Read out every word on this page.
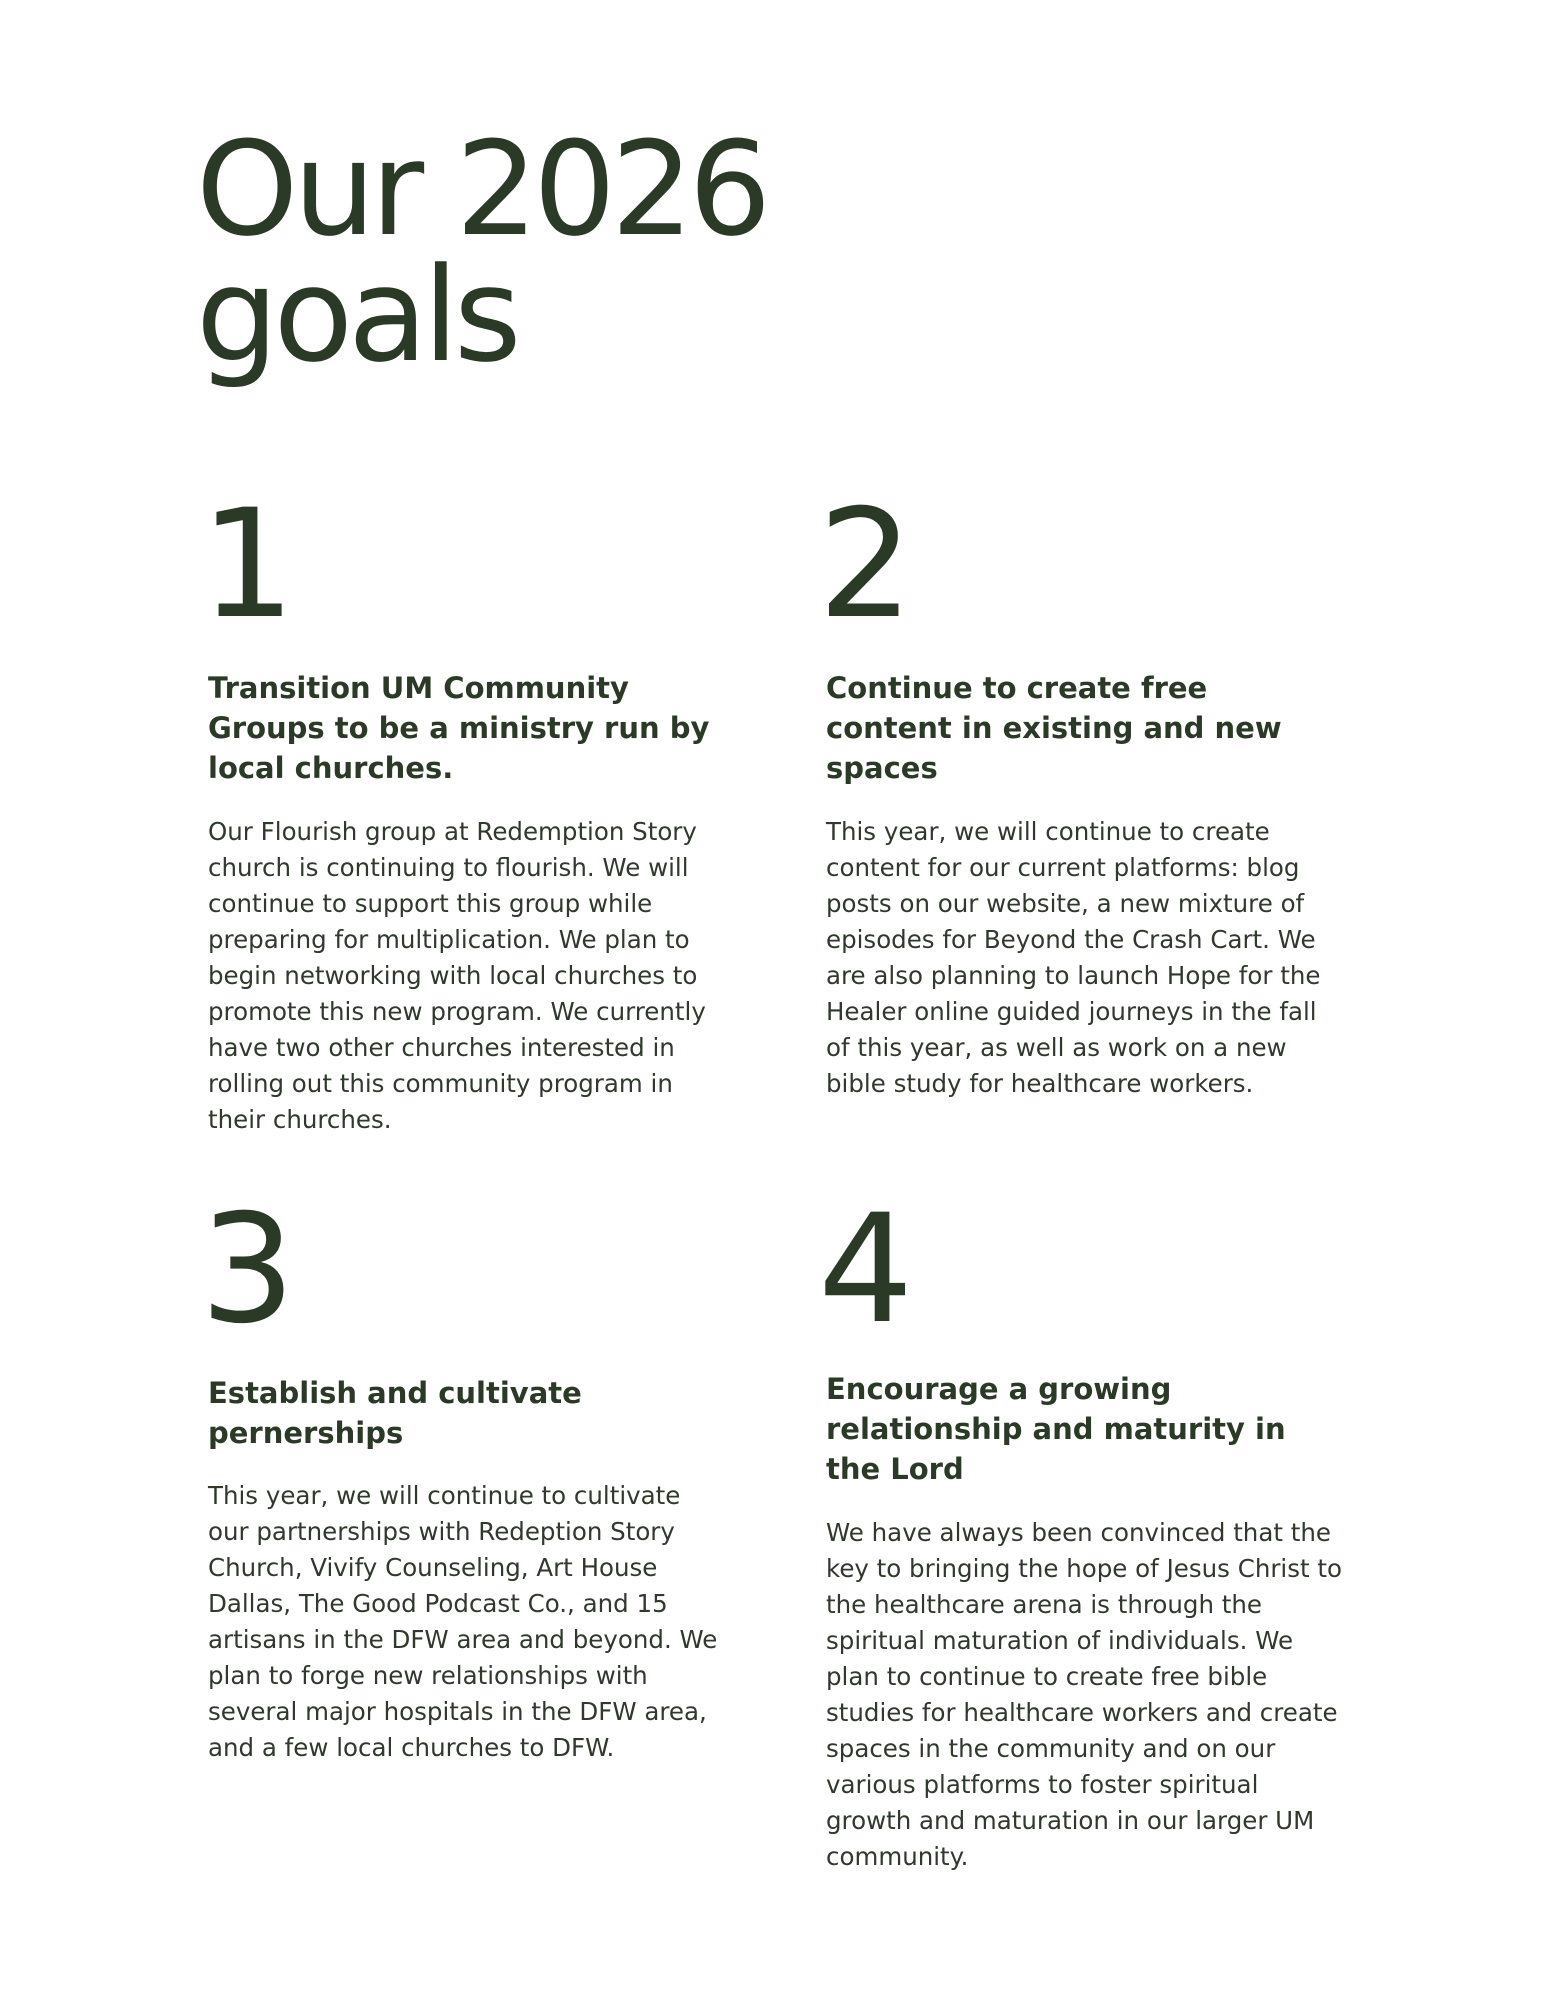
Our 2026
goals
1
Transition UM Community Groups to be a ministry run by local churches.

Our Flourish group at Redemption Story church is continuing to flourish. We will continue to support this group while preparing for multiplication. We plan to begin networking with local churches to promote this new program. We currently have two other churches interested in rolling out this community program in their churches.

2
Continue to create free content in existing and new spaces

This year, we will continue to create content for our current platforms: blog posts on our website, a new mixture of episodes for Beyond the Crash Cart. We are also planning to launch Hope for the Healer online guided journeys in the fall of this year, as well as work on a new bible study for healthcare workers.

3
Establish and cultivate pernerships

This year, we will continue to cultivate our partnerships with Redeption Story Church, Vivify Counseling, Art House Dallas, The Good Podcast Co., and 15 artisans in the DFW area and beyond. We plan to forge new relationships with several major hospitals in the DFW area, and a few local churches to DFW.

4
Encourage a growing relationship and maturity in the Lord

We have always been convinced that the key to bringing the hope of Jesus Christ to the healthcare arena is through the spiritual maturation of individuals. We plan to continue to create free bible studies for healthcare workers and create spaces in the community and on our various platforms to foster spiritual growth and maturation in our larger UM community.
